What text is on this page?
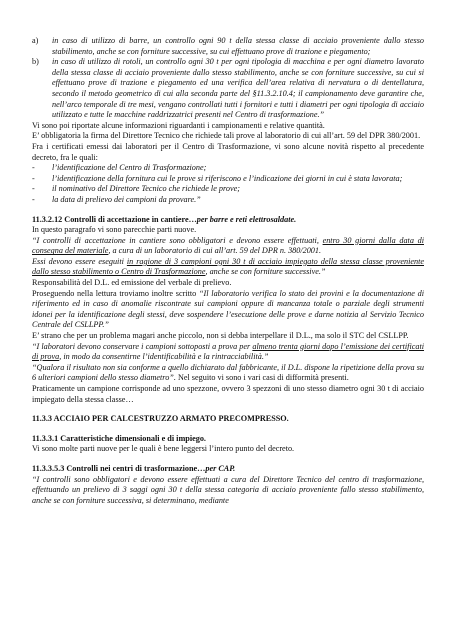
a)	in caso di utilizzo di barre, un controllo ogni 90 t della stessa classe di acciaio proveniente dallo stesso stabilimento, anche se con forniture successive, su cui effettuano prove di trazione e piegamento;
b)	in caso di utilizzo di rotoli, un controllo ogni 30 t per ogni tipologia di macchina e per ogni diametro lavorato della stessa classe di acciaio proveniente dallo stesso stabilimento, anche se con forniture successive, su cui si effettuano prove di trazione e piegamento ed una verifica dell’area relativa di nervatura o di dentellatura, secondo il metodo geometrico di cui alla seconda parte del §11.3.2.10.4; il campionamento deve garantire che, nell’arco temporale di tre mesi, vengano controllati tutti i fornitori e tutti i diametri per ogni tipologia di acciaio utilizzato e tutte le macchine raddrizzatrici presenti nel Centro di trasformazione.”

Vi sono poi riportate alcune informazioni riguardanti i campionamenti e relative quantità.

E’ obbligatoria la firma del Direttore Tecnico che richiede tali prove al laboratorio di cui all’art. 59 del DPR 380/2001.

Fra i certificati emessi dai laboratori per il Centro di Trasformazione, vi sono alcune novità rispetto al precedente decreto, fra le quali:

-	l’identificazione del Centro di Trasformazione;
-	l’identificazione della fornitura cui le prove si riferiscono e l’indicazione dei giorni in cui è stata lavorata;
-	il nominativo del Direttore Tecnico che richiede le prove;
-	la data di prelievo dei campioni da provare.”

11.3.2.12 Controlli di accettazione in cantiere…per barre e reti elettrosaldate.

In questo paragrafo vi sono parecchie parti nuove.

“I controlli di accettazione in cantiere sono obbligatori e devono essere effettuati, entro 30 giorni dalla data di consegna del materiale, a cura di un laboratorio di cui all’art. 59 del DPR n. 380/2001.

Essi devono essere eseguiti in ragione di 3 campioni ogni 30 t di acciaio impiegato della stessa classe proveniente dallo stesso stabilimento o Centro di Trasformazione, anche se con forniture successive.”

Responsabilità del D.L. ed emissione del verbale di prelievo.

Proseguendo nella lettura troviamo inoltre scritto “Il laboratorio verifica lo stato dei provini e la documentazione di riferimento ed in caso di anomalie riscontrate sui campioni oppure di mancanza totale o parziale degli strumenti idonei per la identificazione degli stessi, deve sospendere l’esecuzione delle prove e darne notizia al Servizio Tecnico Centrale del CSLLPP.”

E’ strano che per un problema magari anche piccolo, non si debba interpellare il D.L., ma solo il STC del CSLLPP.

“I laboratori devono conservare i campioni sottoposti a prova per almeno trenta giorni dopo l’emissione dei certificati di prova, in modo da consentirne l’identificabilità e la rintracciabilità.”

“Qualora il risultato non sia conforme a quello dichiarato dal fabbricante, il D.L. dispone la ripetizione della prova su 6 ulteriori campioni dello stesso diametro”. Nel seguito vi sono i vari casi di difformità presenti.

Praticamente un campione corrisponde ad uno spezzone, ovvero 3 spezzoni di uno stesso diametro ogni 30 t di acciaio impiegato della stessa classe…

11.3.3 ACCIAIO PER CALCESTRUZZO ARMATO PRECOMPRESSO.

11.3.3.1 Caratteristiche dimensionali e di impiego.

Vi sono molte parti nuove per le quali è bene leggersi l’intero punto del decreto.

11.3.3.5.3 Controlli nei centri di trasformazione…per CAP.

“I controlli sono obbligatori e devono essere effettuati a cura del Direttore Tecnico del centro di trasformazione, effettuando un prelievo di 3 saggi ogni 30 t della stessa categoria di acciaio proveniente fallo stesso stabilimento, anche se con forniture successiva, si determinano, mediante
